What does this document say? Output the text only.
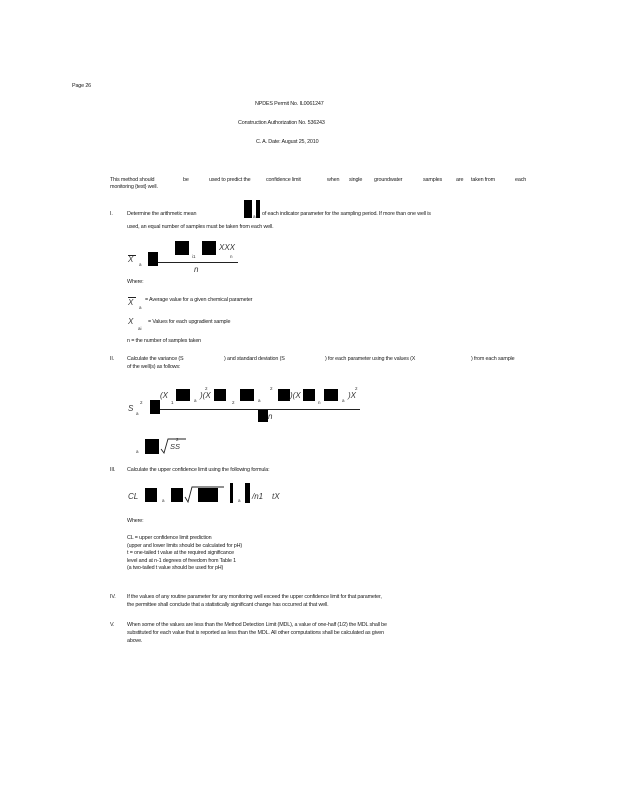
Page 26
NPDES Permit No. IL0061247
Construction Authorization No. 536243
C. A. Date: August 25, 2010
This method should	be	used to predict the	confidence limit	when single groundwater	samples	are taken from	each
monitoring {test} well.
I.	Determine the arithmetic mean	a of each indicator parameter for the sampling period. If more than one well is
used, an equal number of samples must be taken from each well.
X
a
i1
XXX
n
n
Where:
X
a
= Average value for a given chemical parameter
X
ai
= Values for each upgradient sample
n = the number of samples taken
II. Calculate the variance (S	) and standard deviation (S	) for each parameter using the values (X	) from each sample
of the well(s) as follows:
S
a
2
(X
1	a
)(X
2
2	a
2
)(X
n	a
)X
2
n
a
SS
2
III. Calculate the upper confidence limit using the following formula:
CL	a	a /n1 tX
Where:
CL = upper confidence limit prediction
(upper and lower limits should be calculated for pH)
t = one-tailed t value at the required significance
level and at n-1 degrees of freedom from Table 1
(a two-tailed t value should be used for pH)
IV. If the values of any routine parameter for any monitoring well exceed the upper confidence limit for that parameter,
the permittee shall conclude that a statistically significant change has occurred at that well.
V. When some of the values are less than the Method Detection Limit (MDL), a value of one-half (1/2) the MDL shall be
substituted for each value that is reported as less than the MDL. All other computations shall be calculated as given
above.
